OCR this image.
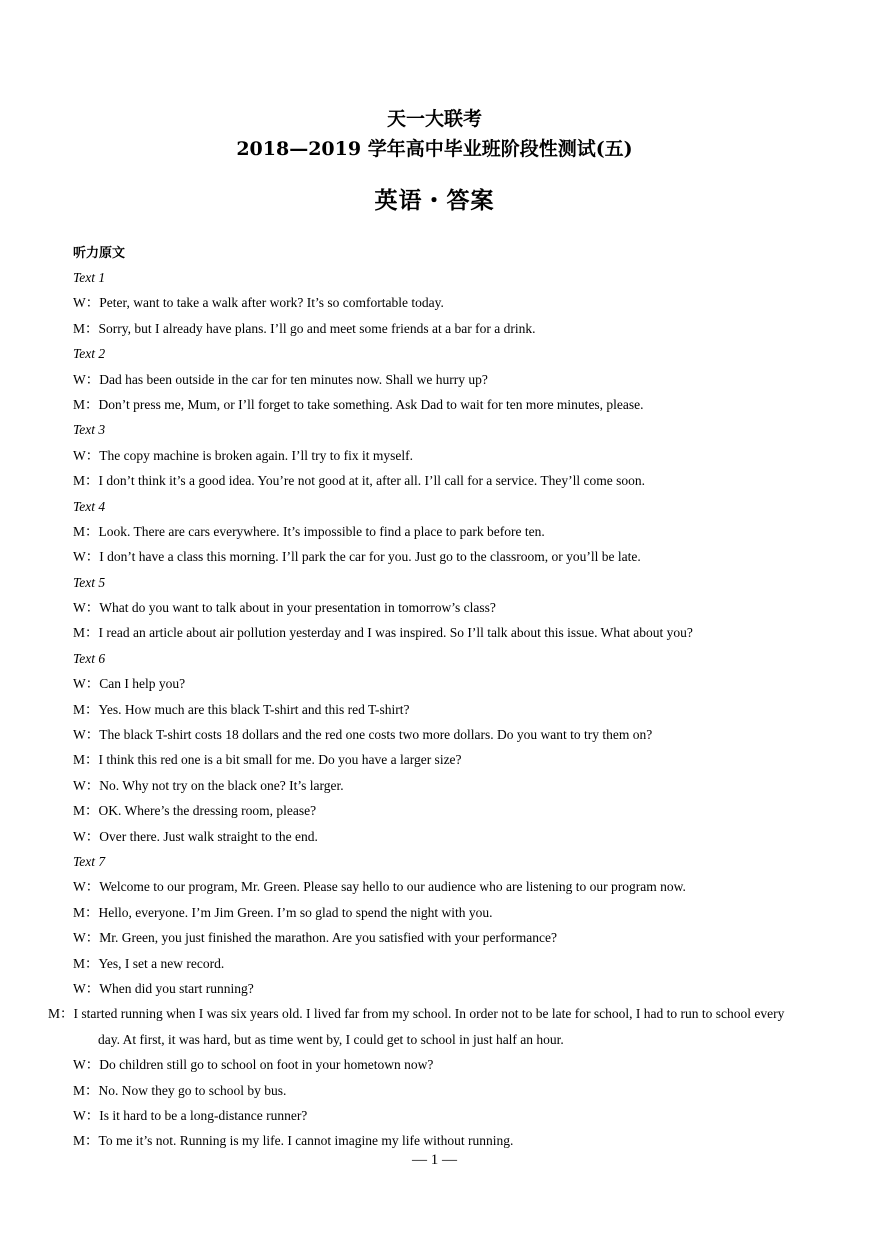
天一大联考
2018—2019 学年高中毕业班阶段性测试(五)
英语・答案
听力原文
Text 1
W：Peter, want to take a walk after work? It’s so comfortable today.
M：Sorry, but I already have plans. I’ll go and meet some friends at a bar for a drink.
Text 2
W：Dad has been outside in the car for ten minutes now. Shall we hurry up?
M：Don’t press me, Mum, or I’ll forget to take something. Ask Dad to wait for ten more minutes, please.
Text 3
W：The copy machine is broken again. I’ll try to fix it myself.
M：I don’t think it’s a good idea. You’re not good at it, after all. I’ll call for a service. They’ll come soon.
Text 4
M：Look. There are cars everywhere. It’s impossible to find a place to park before ten.
W：I don’t have a class this morning. I’ll park the car for you. Just go to the classroom, or you’ll be late.
Text 5
W：What do you want to talk about in your presentation in tomorrow’s class?
M：I read an article about air pollution yesterday and I was inspired. So I’ll talk about this issue. What about you?
Text 6
W：Can I help you?
M：Yes. How much are this black T-shirt and this red T-shirt?
W：The black T-shirt costs 18 dollars and the red one costs two more dollars. Do you want to try them on?
M：I think this red one is a bit small for me. Do you have a larger size?
W：No. Why not try on the black one? It’s larger.
M：OK. Where’s the dressing room, please?
W：Over there. Just walk straight to the end.
Text 7
W：Welcome to our program, Mr. Green. Please say hello to our audience who are listening to our program now.
M：Hello, everyone. I’m Jim Green. I’m so glad to spend the night with you.
W：Mr. Green, you just finished the marathon. Are you satisfied with your performance?
M：Yes, I set a new record.
W：When did you start running?
M：I started running when I was six years old. I lived far from my school. In order not to be late for school, I had to run to school every day. At first, it was hard, but as time went by, I could get to school in just half an hour.
W：Do children still go to school on foot in your hometown now?
M：No. Now they go to school by bus.
W：Is it hard to be a long-distance runner?
M：To me it’s not. Running is my life. I cannot imagine my life without running.
— 1 —
